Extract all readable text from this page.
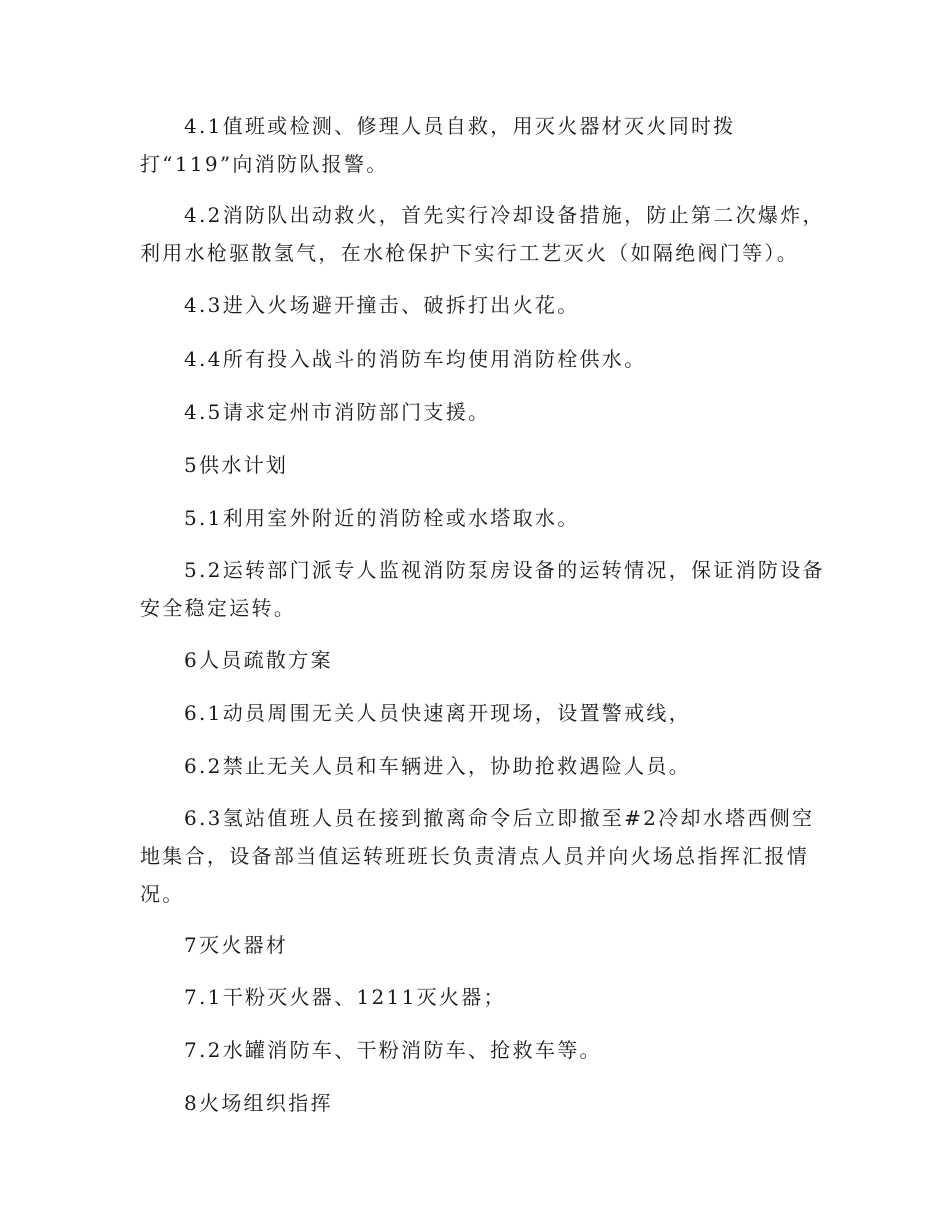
4.1值班或检测、修理人员自救，用灭火器材灭火同时拨
打“119”向消防队报警。

4.2消防队出动救火，首先实行冷却设备措施，防止第二次爆炸，
利用水枪驱散氢气，在水枪保护下实行工艺灭火（如隔绝阀门等）。

4.3进入火场避开撞击、破拆打出火花。

4.4所有投入战斗的消防车均使用消防栓供水。

4.5请求定州市消防部门支援。

5供水计划

5.1利用室外附近的消防栓或水塔取水。

5.2运转部门派专人监视消防泵房设备的运转情况，保证消防设备
安全稳定运转。

6人员疏散方案

6.1动员周围无关人员快速离开现场，设置警戒线，

6.2禁止无关人员和车辆进入，协助抢救遇险人员。

6.3氢站值班人员在接到撤离命令后立即撤至#2冷却水塔西侧空
地集合，设备部当值运转班班长负责清点人员并向火场总指挥汇报情
况。

7灭火器材

7.1干粉灭火器、1211灭火器；

7.2水罐消防车、干粉消防车、抢救车等。

8火场组织指挥
